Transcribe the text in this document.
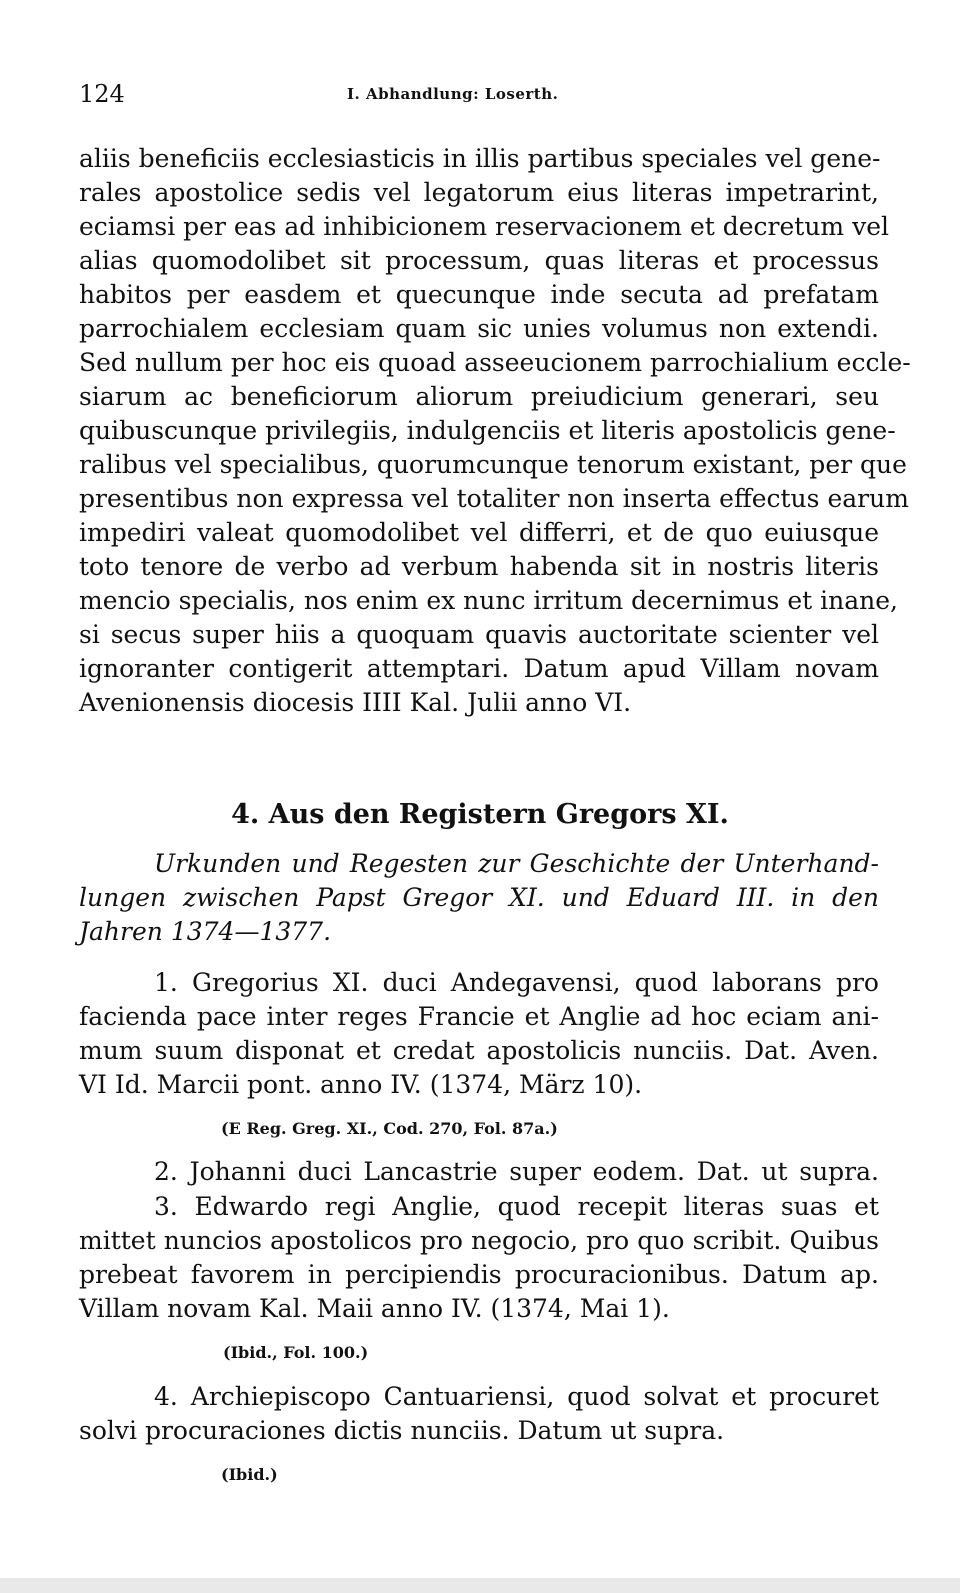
124	I. Abhandlung: Loserth.
aliis beneficiis ecclesiasticis in illis partibus speciales vel gene-
rales apostolice sedis vel legatorum eius literas impetrarint,
eciamsi per eas ad inhibicionem reservacionem et decretum vel
alias quomodolibet sit processum, quas literas et processus
habitos per easdem et quecunque inde secuta ad prefatam
parrochialem ecclesiam quam sic unies volumus non extendi.
Sed nullum per hoc eis quoad asseeucionem parrochialium eccle-
siarum ac beneficiorum aliorum preiudicium generari, seu
quibuscunque privilegiis, indulgenciis et literis apostolicis gene-
ralibus vel specialibus, quorumcunque tenorum existant, per que
presentibus non expressa vel totaliter non inserta effectus earum
impediri valeat quomodolibet vel differri, et de quo euiusque
toto tenore de verbo ad verbum habenda sit in nostris literis
mencio specialis, nos enim ex nunc irritum decernimus et inane,
si secus super hiis a quoquam quavis auctoritate scienter vel
ignoranter contigerit attemptari. Datum apud Villam novam
Avenionensis diocesis IIII Kal. Julii anno VI.
4. Aus den Registern Gregors XI.
Urkunden und Regesten zur Geschichte der Unterhand-
lungen zwischen Papst Gregor XI. und Eduard III. in den
Jahren 1374—1377.
1. Gregorius XI. duci Andegavensi, quod laborans pro
facienda pace inter reges Francie et Anglie ad hoc eciam ani-
mum suum disponat et credat apostolicis nunciis. Dat. Aven.
VI Id. Marcii pont. anno IV. (1374, März 10).
(E Reg. Greg. XI., Cod. 270, Fol. 87a.)
2. Johanni duci Lancastrie super eodem. Dat. ut supra.
3. Edwardo regi Anglie, quod recepit literas suas et
mittet nuncios apostolicos pro negocio, pro quo scribit. Quibus
prebeat favorem in percipiendis procuracionibus. Datum ap.
Villam novam Kal. Maii anno IV. (1374, Mai 1).
(Ibid., Fol. 100.)
4. Archiepiscopo Cantuariensi, quod solvat et procuret
solvi procuraciones dictis nunciis. Datum ut supra.
(Ibid.)
